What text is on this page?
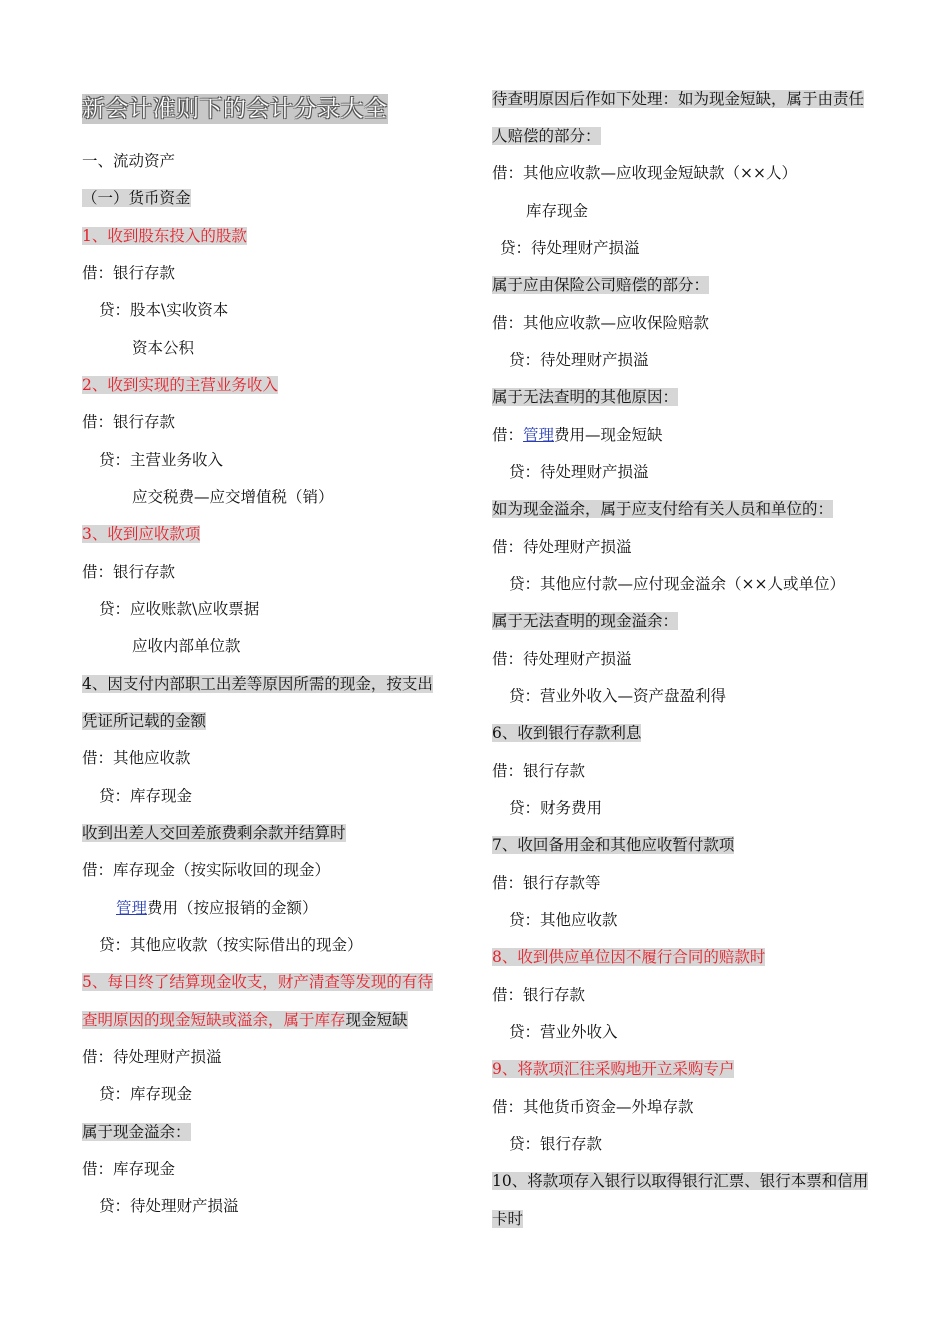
新会计准则下的会计分录大全
一、流动资产
（一）货币资金
1、收到股东投入的股款
借：银行存款
贷：股本\实收资本
资本公积
2、收到实现的主营业务收入
借：银行存款
贷：主营业务收入
应交税费—应交增值税（销）
3、收到应收款项
借：银行存款
贷：应收账款\应收票据
应收内部单位款
4、因支付内部职工出差等原因所需的现金，按支出
凭证所记载的金额
借：其他应收款
贷：库存现金
收到出差人交回差旅费剩余款并结算时
借：库存现金（按实际收回的现金）
管理费用（按应报销的金额）
贷：其他应收款（按实际借出的现金）
5、每日终了结算现金收支，财产清查等发现的有待
查明原因的现金短缺或溢余，属于库存现金短缺
借：待处理财产损溢
贷：库存现金
属于现金溢余：
借：库存现金
贷：待处理财产损溢
待查明原因后作如下处理：如为现金短缺，属于由责任
人赔偿的部分：
借：其他应收款—应收现金短缺款（××人）
库存现金
贷：待处理财产损溢
属于应由保险公司赔偿的部分：
借：其他应收款—应收保险赔款
贷：待处理财产损溢
属于无法查明的其他原因：
借：管理费用—现金短缺
贷：待处理财产损溢
如为现金溢余，属于应支付给有关人员和单位的：
借：待处理财产损溢
贷：其他应付款—应付现金溢余（××人或单位）
属于无法查明的现金溢余：
借：待处理财产损溢
贷：营业外收入—资产盘盈利得
6、收到银行存款利息
借：银行存款
贷：财务费用
7、收回备用金和其他应收暂付款项
借：银行存款等
贷：其他应收款
8、收到供应单位因不履行合同的赔款时
借：银行存款
贷：营业外收入
9、将款项汇往采购地开立采购专户
借：其他货币资金—外埠存款
贷：银行存款
10、将款项存入银行以取得银行汇票、银行本票和信用
卡时
